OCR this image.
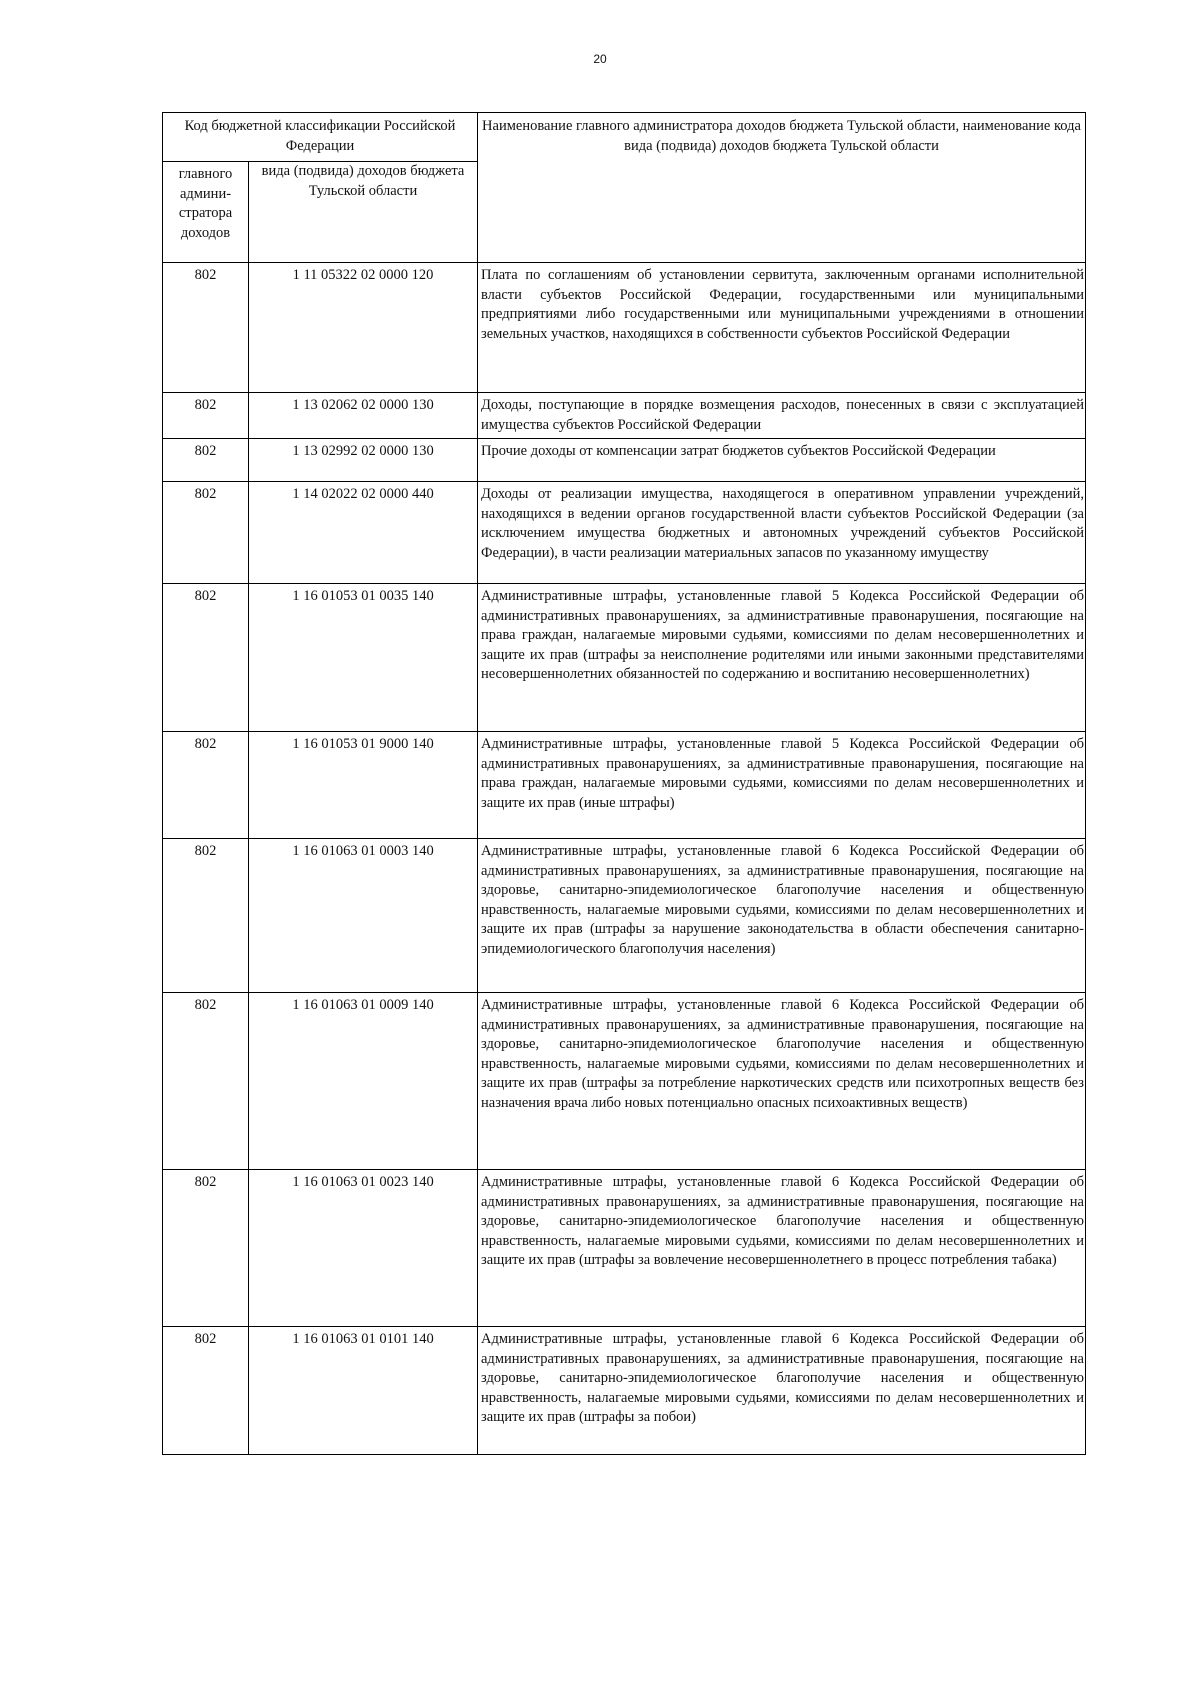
20
Код бюджетной классификации Российской Федерации		Наименование главного администратора доходов бюджета Тульской области, наименование кода вида (подвида) доходов бюджета Тульской области
главного админи-стратора доходов	вида (подвида) доходов бюджета Тульской области	
802	1 11 05322 02 0000 120	Плата по соглашениям об установлении сервитута, заключенным органами исполнительной власти субъектов Российской Федерации, государственными или муниципальными предприятиями либо государственными или муниципальными учреждениями в отношении земельных участков, находящихся в собственности субъектов Российской Федерации
802	1 13 02062 02 0000 130	Доходы, поступающие в порядке возмещения расходов, понесенных в связи с эксплуатацией имущества субъектов Российской Федерации
802	1 13 02992 02 0000 130	Прочие доходы от компенсации затрат бюджетов субъектов Российской Федерации
802	1 14 02022 02 0000 440	Доходы от реализации имущества, находящегося в оперативном управлении учреждений, находящихся в ведении органов государственной власти субъектов Российской Федерации (за исключением имущества бюджетных и автономных учреждений субъектов Российской Федерации), в части реализации материальных запасов по указанному имуществу
802	1 16 01053 01 0035 140	Административные штрафы, установленные главой 5 Кодекса Российской Федерации об административных правонарушениях, за административные правонарушения, посягающие на права граждан, налагаемые мировыми судьями, комиссиями по делам несовершеннолетних и защите их прав (штрафы за неисполнение родителями или иными законными представителями несовершеннолетних обязанностей по содержанию и воспитанию несовершеннолетних)
802	1 16 01053 01 9000 140	Административные штрафы, установленные главой 5 Кодекса Российской Федерации об административных правонарушениях, за административные правонарушения, посягающие на права граждан, налагаемые мировыми судьями, комиссиями по делам несовершеннолетних и защите их прав (иные штрафы)
802	1 16 01063 01 0003 140	Административные штрафы, установленные главой 6 Кодекса Российской Федерации об административных правонарушениях, за административные правонарушения, посягающие на здоровье, санитарно-эпидемиологическое благополучие населения и общественную нравственность, налагаемые мировыми судьями, комиссиями по делам несовершеннолетних и защите их прав (штрафы за нарушение законодательства в области обеспечения санитарно-эпидемиологического благополучия населения)
802	1 16 01063 01 0009 140	Административные штрафы, установленные главой 6 Кодекса Российской Федерации об административных правонарушениях, за административные правонарушения, посягающие на здоровье, санитарно-эпидемиологическое благополучие населения и общественную нравственность, налагаемые мировыми судьями, комиссиями по делам несовершеннолетних и защите их прав (штрафы за потребление наркотических средств или психотропных веществ без назначения врача либо новых потенциально опасных психоактивных веществ)
802	1 16 01063 01 0023 140	Административные штрафы, установленные главой 6 Кодекса Российской Федерации об административных правонарушениях, за административные правонарушения, посягающие на здоровье, санитарно-эпидемиологическое благополучие населения и общественную нравственность, налагаемые мировыми судьями, комиссиями по делам несовершеннолетних и защите их прав (штрафы за вовлечение несовершеннолетнего в процесс потребления табака)
802	1 16 01063 01 0101 140	Административные штрафы, установленные главой 6 Кодекса Российской Федерации об административных правонарушениях, за административные правонарушения, посягающие на здоровье, санитарно-эпидемиологическое благополучие населения и общественную нравственность, налагаемые мировыми судьями, комиссиями по делам несовершеннолетних и защите их прав (штрафы за побои)
